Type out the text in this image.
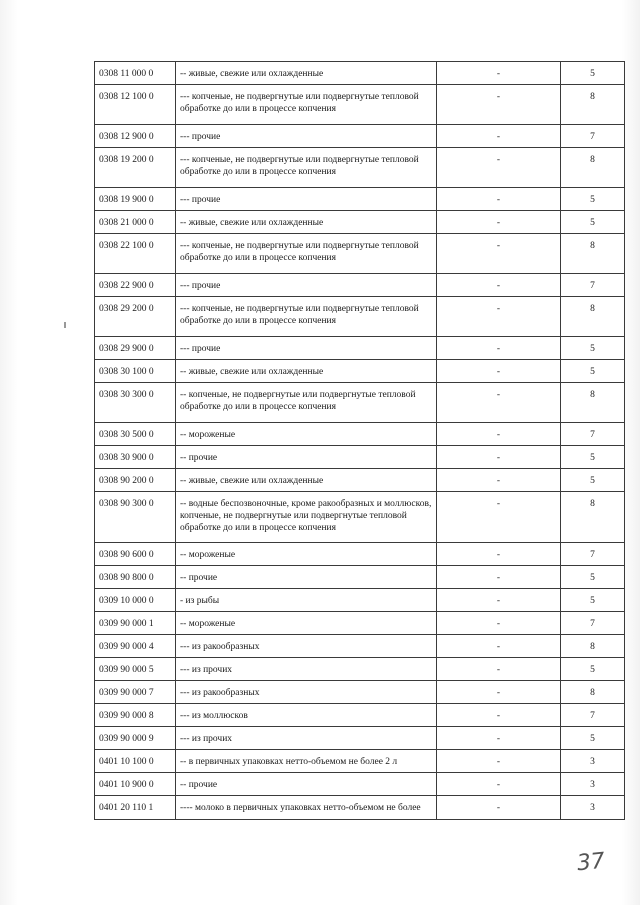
0308 11 000 0	-- живые, свежие или охлажденные	-	5
0308 12 100 0	--- копченые, не подвергнутые или подвергнутые тепловой обработке до или в процессе копчения	-	8
0308 12 900 0	--- прочие	-	7
0308 19 200 0	--- копченые, не подвергнутые или подвергнутые тепловой обработке до или в процессе копчения	-	8
0308 19 900 0	--- прочие	-	5
0308 21 000 0	-- живые, свежие или охлажденные	-	5
0308 22 100 0	--- копченые, не подвергнутые или подвергнутые тепловой обработке до или в процессе копчения	-	8
0308 22 900 0	--- прочие	-	7
0308 29 200 0	--- копченые, не подвергнутые или подвергнутые тепловой обработке до или в процессе копчения	-	8
0308 29 900 0	--- прочие	-	5
0308 30 100 0	-- живые, свежие или охлажденные	-	5
0308 30 300 0	-- копченые, не подвергнутые или подвергнутые тепловой обработке до или в процессе копчения	-	8
0308 30 500 0	-- мороженые	-	7
0308 30 900 0	-- прочие	-	5
0308 90 200 0	-- живые, свежие или охлажденные	-	5
0308 90 300 0	-- водные беспозвоночные, кроме ракообразных и моллюсков, копченые, не подвергнутые или подвергнутые тепловой обработке до или в процессе копчения	-	8
0308 90 600 0	-- мороженые	-	7
0308 90 800 0	-- прочие	-	5
0309 10 000 0	- из рыбы	-	5
0309 90 000 1	-- мороженые	-	7
0309 90 000 4	--- из ракообразных	-	8
0309 90 000 5	--- из прочих	-	5
0309 90 000 7	--- из ракообразных	-	8
0309 90 000 8	--- из моллюсков	-	7
0309 90 000 9	--- из прочих	-	5
0401 10 100 0	-- в первичных упаковках нетто-объемом не более 2 л	-	3
0401 10 900 0	-- прочие	-	3
0401 20 110 1	---- молоко в первичных упаковках нетто-объемом не более	-	3
37
